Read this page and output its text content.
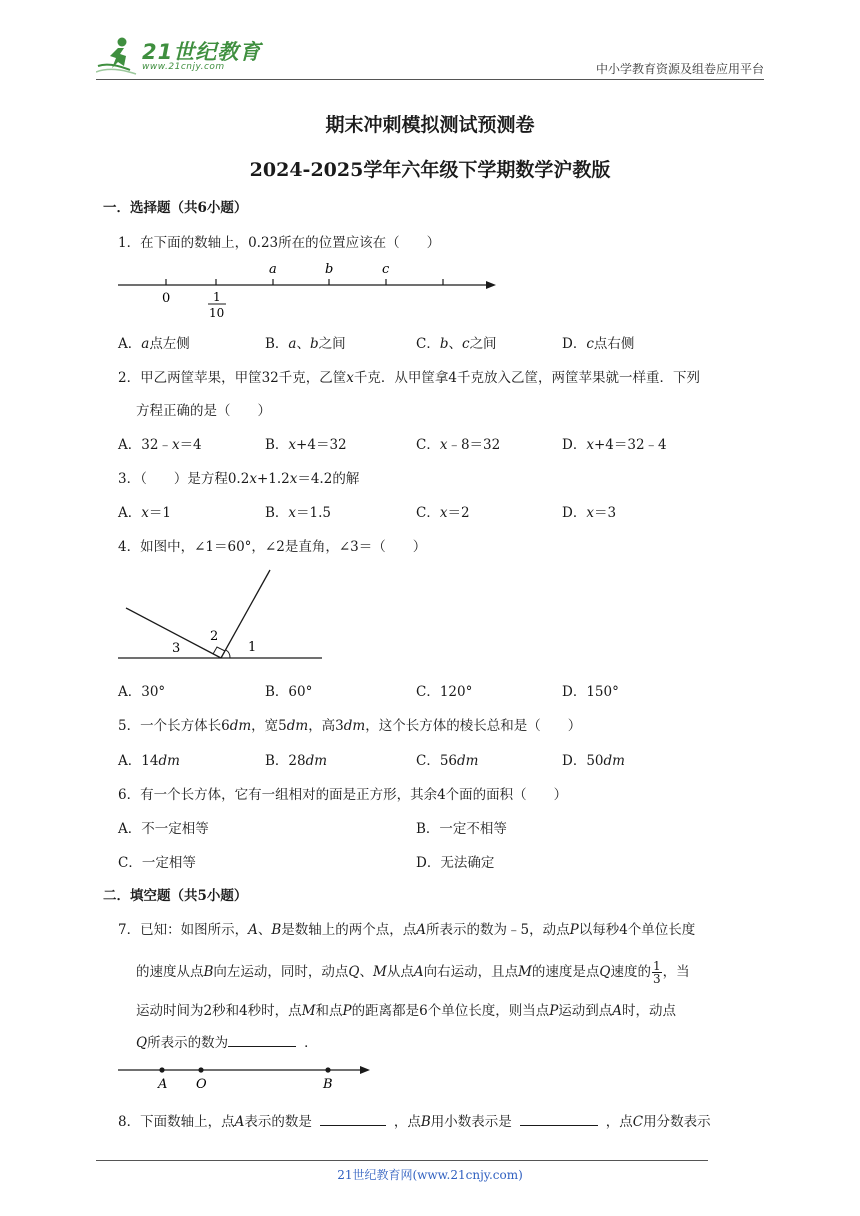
21世纪教育
www.21cnjy.com	中小学教育资源及组卷应用平台
期末冲刺模拟测试预测卷
2024-2025学年六年级下学期数学沪教版
一．选择题（共6小题）
1．在下面的数轴上，0.23所在的位置应该在（　　）
0	1
10
a	b	c
A．a点左侧	B．a、b之间	C．b、c之间	D．c点右侧
2．甲乙两筐苹果，甲筐32千克，乙筐x千克．从甲筐拿4千克放入乙筐，两筐苹果就一样重．下列
方程正确的是（　　）
A．32﹣x＝4	B．x+4＝32	C．x﹣8＝32	D．x+4＝32﹣4
3．（　　）是方程0.2x+1.2x＝4.2的解
A．x＝1	B．x＝1.5	C．x＝2	D．x＝3
4．如图中，∠1＝60°，∠2是直角，∠3＝（　　）
1
2
3
A．30°	B．60°	C．120°	D．150°
5．一个长方体长6dm，宽5dm，高3dm，这个长方体的棱长总和是（　　）
A．14dm	B．28dm	C．56dm	D．50dm
6．有一个长方体，它有一组相对的面是正方形，其余4个面的面积（　　）
A．不一定相等	B．一定不相等
C．一定相等	D．无法确定
二．填空题（共5小题）
7．已知：如图所示，A、B是数轴上的两个点，点A所表示的数为﹣5，动点P以每秒4个单位长度
的速度从点B向左运动，同时，动点Q、M从点A向右运动，且点M的速度是点Q速度的 $\frac{1}{3}$ ，当
运动时间为2秒和4秒时，点M和点P的距离都是6个单位长度，则当点P运动到点A时，动点
Q所表示的数为	．
A O	B
8．下面数轴上，点A表示的数是	，点B用小数表示是	，点C用分数表示
21世纪教育网(www.21cnjy.com)
